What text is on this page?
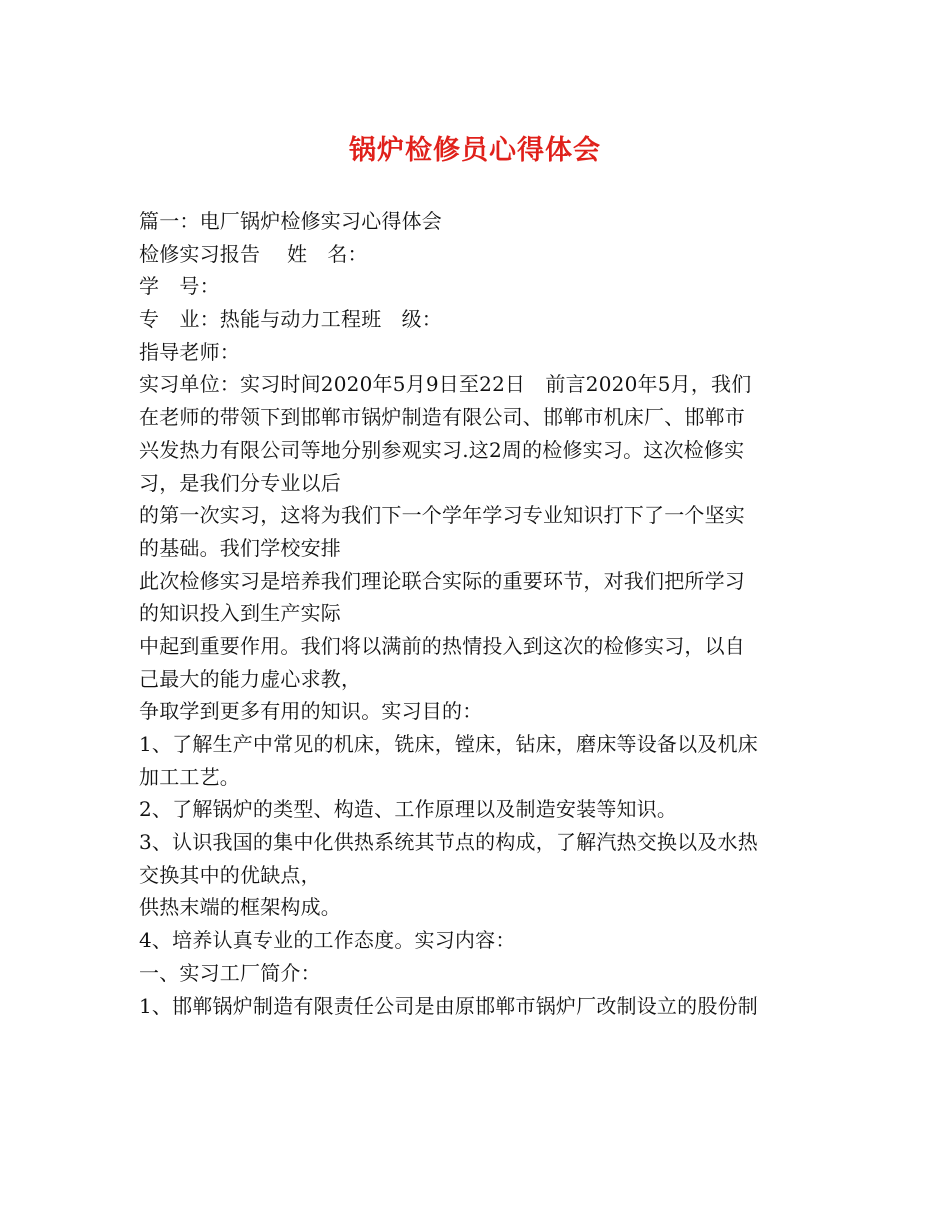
锅炉检修员心得体会
篇一：电厂锅炉检修实习心得体会
检修实习报告　 姓　名：
学　号：
专　业：热能与动力工程班　级：
指导老师：
实习单位：实习时间2020年5月9日至22日　前言2020年5月，我们
在老师的带领下到邯郸市锅炉制造有限公司、邯郸市机床厂、邯郸市
兴发热力有限公司等地分别参观实习.这2周的检修实习。这次检修实
习，是我们分专业以后
的第一次实习，这将为我们下一个学年学习专业知识打下了一个坚实
的基础。我们学校安排
此次检修实习是培养我们理论联合实际的重要环节，对我们把所学习
的知识投入到生产实际
中起到重要作用。我们将以满前的热情投入到这次的检修实习，以自
己最大的能力虚心求教，
争取学到更多有用的知识。实习目的：
1、了解生产中常见的机床，铣床，镗床，钻床，磨床等设备以及机床
加工工艺。
2、了解锅炉的类型、构造、工作原理以及制造安装等知识。
3、认识我国的集中化供热系统其节点的构成，了解汽热交换以及水热
交换其中的优缺点，
供热末端的框架构成。
4、培养认真专业的工作态度。实习内容：
一、实习工厂简介：
1、邯郸锅炉制造有限责任公司是由原邯郸市锅炉厂改制设立的股份制
